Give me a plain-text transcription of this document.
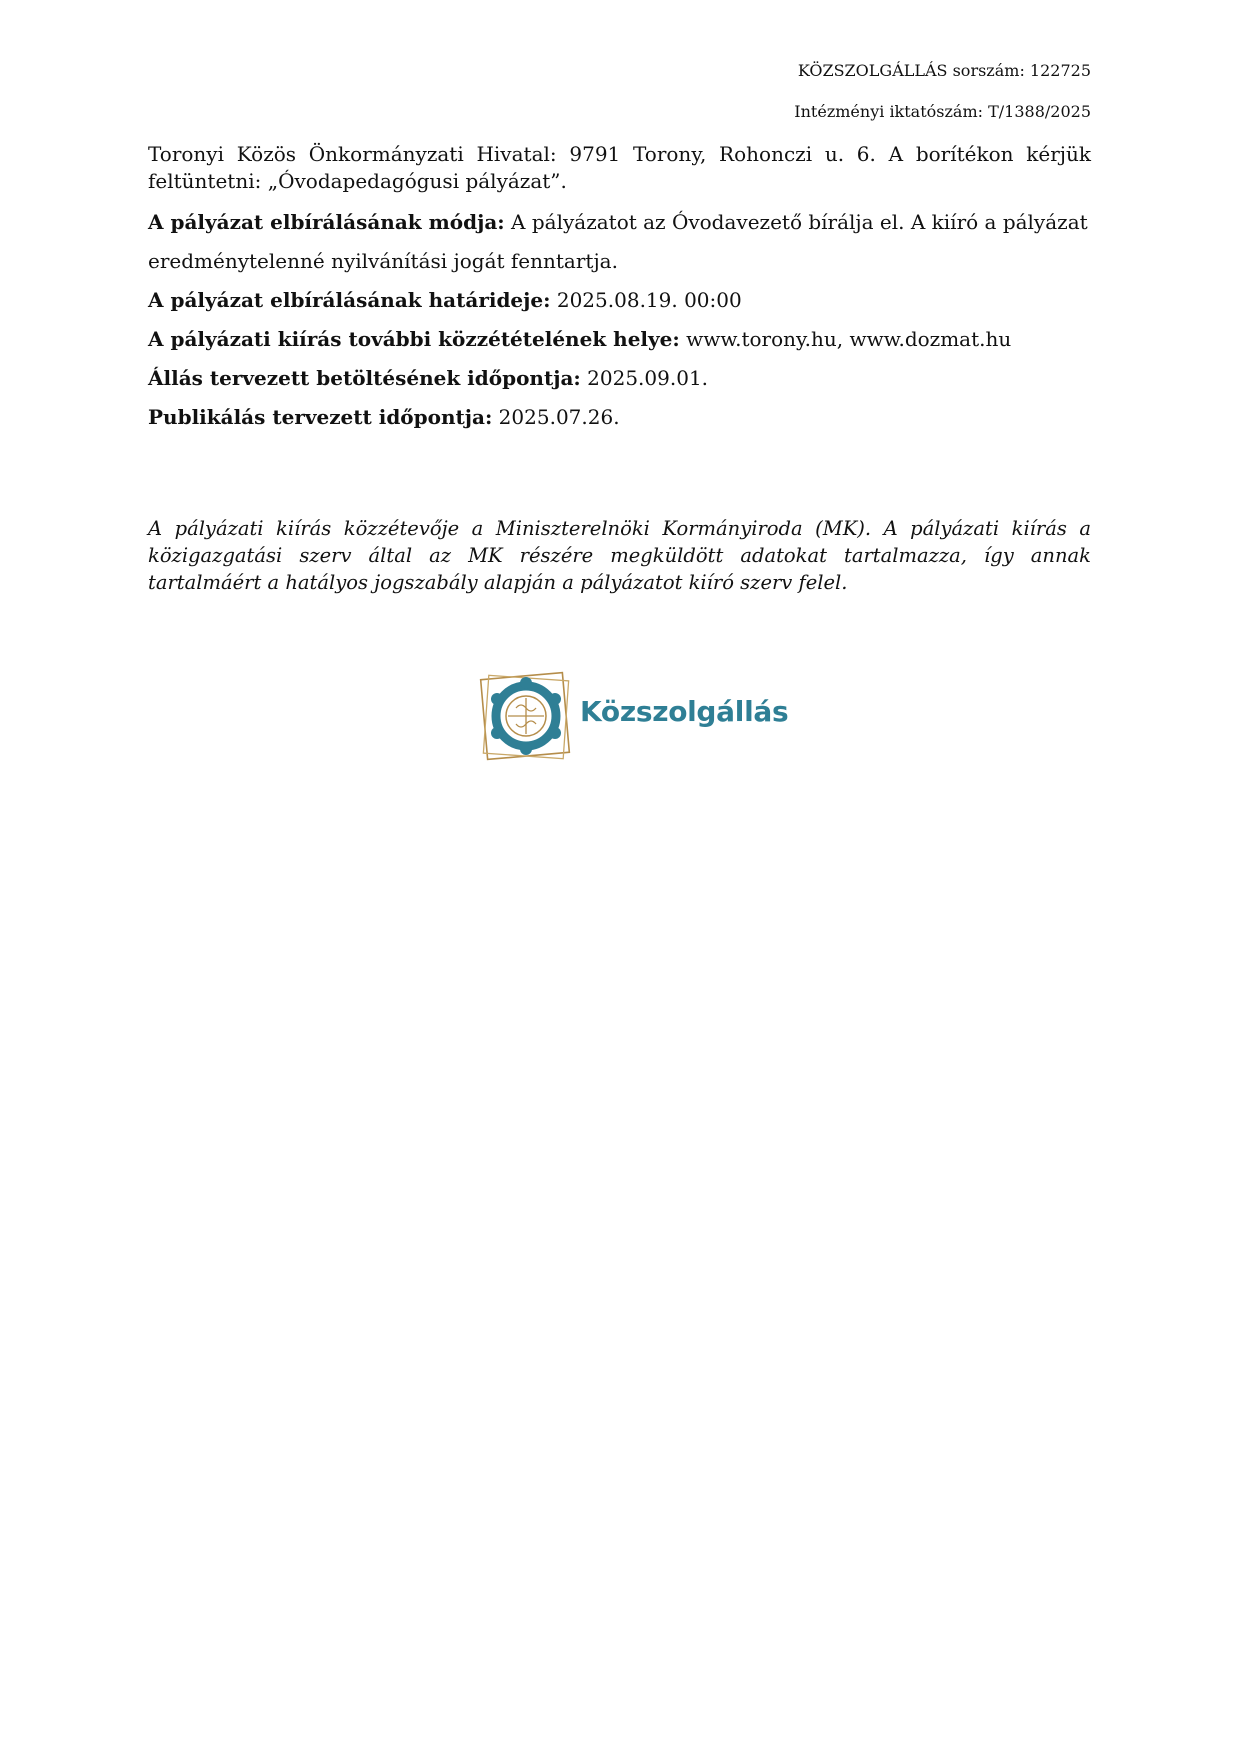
KÖZSZOLGÁLLÁS sorszám: 122725

Intézményi iktatószám: T/1388/2025

Toronyi Közös Önkormányzati Hivatal: 9791 Torony, Rohonczi u. 6. A borítékon kérjük feltüntetni: „Óvodapedagógusi pályázat”.

A pályázat elbírálásának módja: A pályázatot az Óvodavezető bírálja el. A kiíró a pályázat eredménytelenné nyilvánítási jogát fenntartja.

A pályázat elbírálásának határideje: 2025.08.19. 00:00

A pályázati kiírás további közzétételének helye: www.torony.hu, www.dozmat.hu

Állás tervezett betöltésének időpontja: 2025.09.01.

Publikálás tervezett időpontja: 2025.07.26.

A pályázati kiírás közzétevője a Miniszterelnöki Kormányiroda (MK). A pályázati kiírás a közigazgatási szerv által az MK részére megküldött adatokat tartalmazza, így annak tartalmáért a hatályos jogszabály alapján a pályázatot kiíró szerv felel.

Közszolgállás
